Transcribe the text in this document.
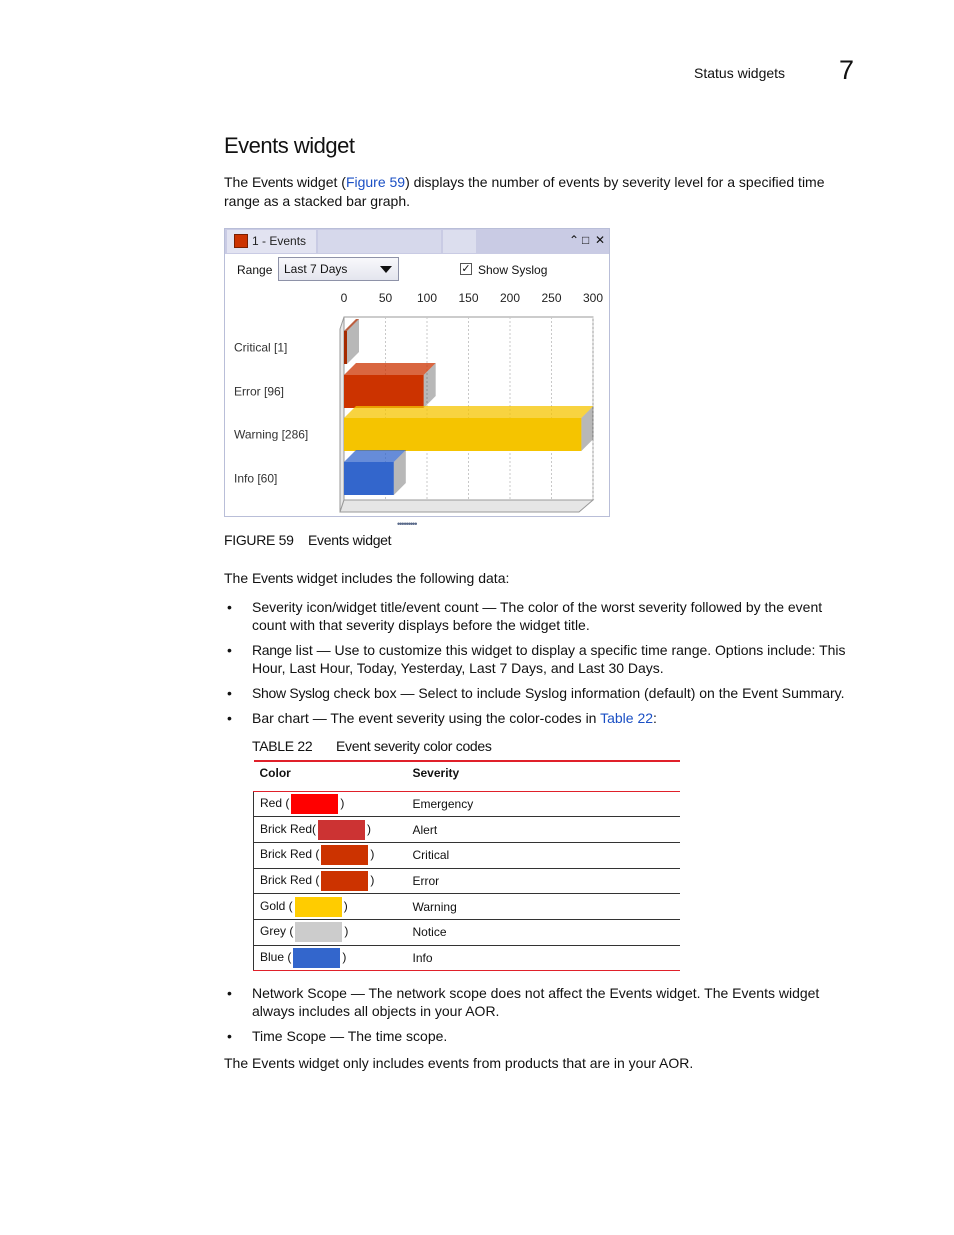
Status widgets 7
Events widget
The Events widget (Figure 59) displays the number of events by severity level for a specified time
range as a stacked bar graph.
1 - Events	⌃ □ ✕
Range Last 7 Days	✓ Show Syslog
0	50 100 150 200 250 300
Critical [1]
Error [96]
Warning [286]
Info [60]
•••••••••
FIGURE 59 Events widget
The Events widget includes the following data:
• Severity icon/widget title/event count — The color of the worst severity followed by the event
count with that severity displays before the widget title.
• Range list — Use to customize this widget to display a specific time range. Options include: This
Hour, Last Hour, Today, Yesterday, Last 7 Days, and Last 30 Days.
• Show Syslog check box — Select to include Syslog information (default) on the Event Summary.
• Bar chart — The event severity using the color-codes in Table 22:
TABLE 22 Event severity color codes
Color	Severity
Red ( )	Emergency
Brick Red( )	Alert
Brick Red ( )	Critical
Brick Red ( )	Error
Gold ( )	Warning
Grey ( )	Notice
Blue ( )	Info
• Network Scope — The network scope does not affect the Events widget. The Events widget
always includes all objects in your AOR.
• Time Scope — The time scope.
The Events widget only includes events from products that are in your AOR.
